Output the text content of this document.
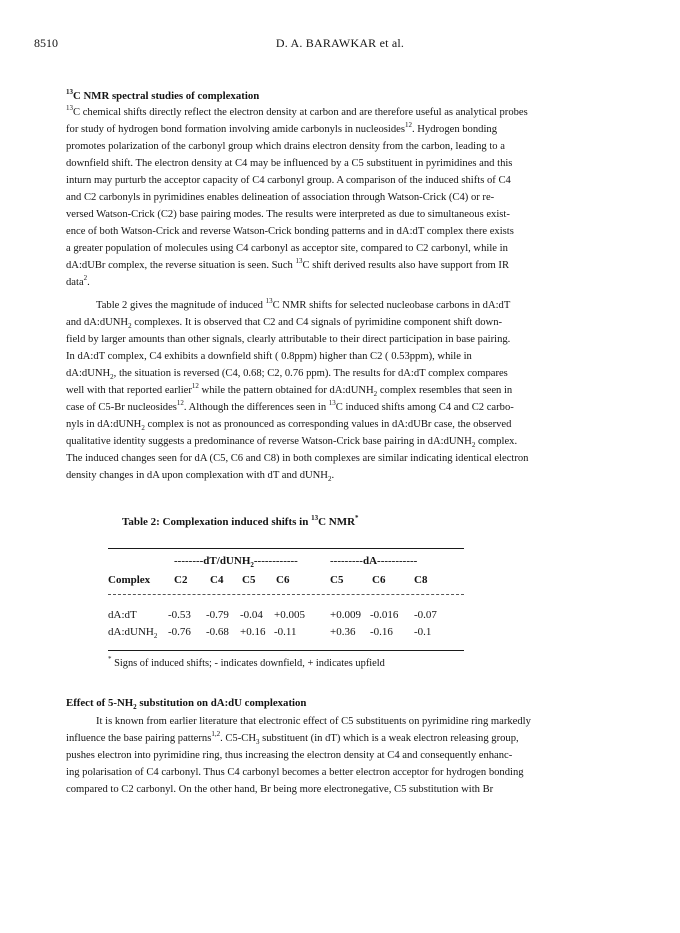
8510	D. A. BARAWKAR et al.
$^{13}$C NMR spectral studies of complexation
$^{13}$C chemical shifts directly reflect the electron density at carbon and are therefore useful as analytical probes
for study of hydrogen bond formation involving amide carbonyls in nucleosides$^{12}$. Hydrogen bonding
promotes polarization of the carbonyl group which drains electron density from the carbon, leading to a
downfield shift. The electron density at C4 may be influenced by a C5 substituent in pyrimidines and this
inturn may purturb the acceptor capacity of C4 carbonyl group. A comparison of the induced shifts of C4
and C2 carbonyls in pyrimidines enables delineation of association through Watson-Crick (C4) or re-
versed Watson-Crick (C2) base pairing modes. The results were interpreted as due to simultaneous exist-
ence of both Watson-Crick and reverse Watson-Crick bonding patterns and in dA:dT complex there exists
a greater population of molecules using C4 carbonyl as acceptor site, compared to C2 carbonyl, while in
dA:dUBr complex, the reverse situation is seen. Such $^{13}$C shift derived results also have support from IR
data$^2$.
Table 2 gives the magnitude of induced $^{13}$C NMR shifts for selected nucleobase carbons in dA:dT
and dA:dUNH$_2$ complexes. It is observed that C2 and C4 signals of pyrimidine component shift down-
field by larger amounts than other signals, clearly attributable to their direct participation in base pairing.
In dA:dT complex, C4 exhibits a downfield shift ( 0.8ppm) higher than C2 ( 0.53ppm), while in
dA:dUNH$_2$, the situation is reversed (C4, 0.68; C2, 0.76 ppm). The results for dA:dT complex compares
well with that reported earlier$^{12}$ while the pattern obtained for dA:dUNH$_2$ complex resembles that seen in
case of C5-Br nucleosides$^{12}$. Although the differences seen in $^{13}$C induced shifts among C4 and C2 carbo-
nyls in dA:dUNH$_2$ complex is not as pronounced as corresponding values in dA:dUBr case, the observed
qualitative identity suggests a predominance of reverse Watson-Crick base pairing in dA:dUNH$_2$ complex.
The induced changes seen for dA (C5, C6 and C8) in both complexes are similar indicating identical electron
density changes in dA upon complexation with dT and dUNH$_2$.
Table 2: Complexation induced shifts in $^{13}$C NMR*
--------dT/dUNH$_2$------------	---------dA-----------
Complex C2 C4 C5 C6	C5	C6	C8
dA:dT	-0.53 -0.79 -0.04 +0.005 +0.009 -0.016 -0.07
dA:dUNH$_2$ -0.76 -0.68 +0.16 -0.11	+0.36 -0.16 -0.1
* Signs of induced shifts; - indicates downfield, + indicates upfield
Effect of $5-NH_2$ substitution on dA:dU complexation
It is known from earlier literature that electronic effect of C5 substituents on pyrimidine ring markedly
influence the base pairing patterns$^{1,2}$. $C5-CH_3$ substituent (in dT) which is a weak electron releasing group,
pushes electron into pyrimidine ring, thus increasing the electron density at C4 and consequently enhanc-
ing polarisation of C4 carbonyl. Thus C4 carbonyl becomes a better electron acceptor for hydrogen bonding
compared to C2 carbonyl. On the other hand, Br being more electronegative, C5 substitution with Br
